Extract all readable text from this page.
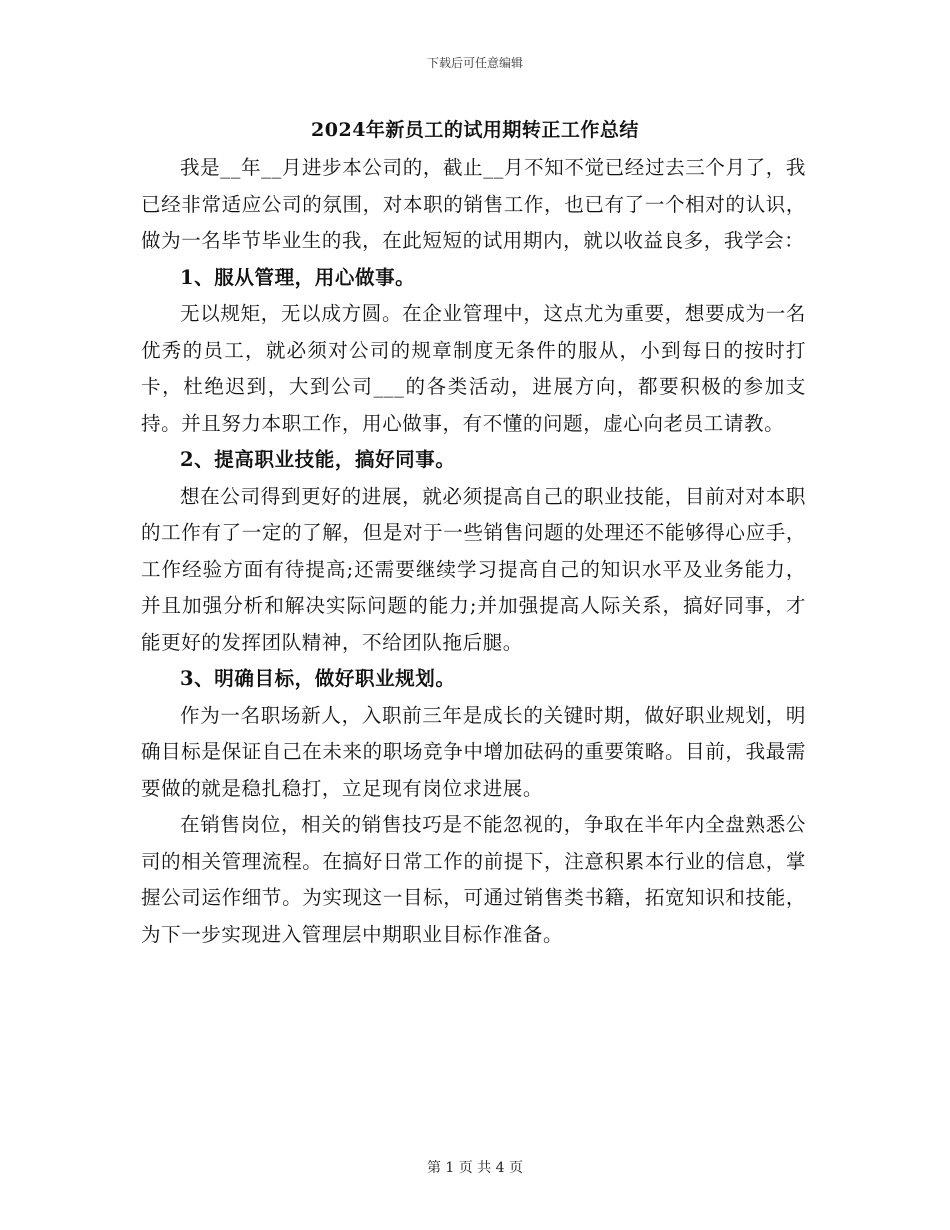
下载后可任意编辑
2024年新员工的试用期转正工作总结

我是__年__月进步本公司的，截止__月不知不觉已经过去三个月了，我已经非常适应公司的氛围，对本职的销售工作，也已有了一个相对的认识，做为一名毕节毕业生的我，在此短短的试用期内，就以收益良多，我学会：

1、服从管理，用心做事。

无以规矩，无以成方圆。在企业管理中，这点尤为重要，想要成为一名优秀的员工，就必须对公司的规章制度无条件的服从，小到每日的按时打卡，杜绝迟到，大到公司___的各类活动，进展方向，都要积极的参加支持。并且努力本职工作，用心做事，有不懂的问题，虚心向老员工请教。

2、提高职业技能，搞好同事。

想在公司得到更好的进展，就必须提高自己的职业技能，目前对对本职的工作有了一定的了解，但是对于一些销售问题的处理还不能够得心应手，工作经验方面有待提高;还需要继续学习提高自己的知识水平及业务能力，并且加强分析和解决实际问题的能力;并加强提高人际关系，搞好同事，才能更好的发挥团队精神，不给团队拖后腿。

3、明确目标，做好职业规划。

作为一名职场新人，入职前三年是成长的关键时期，做好职业规划，明确目标是保证自己在未来的职场竞争中增加砝码的重要策略。目前，我最需要做的就是稳扎稳打，立足现有岗位求进展。

在销售岗位，相关的销售技巧是不能忽视的，争取在半年内全盘熟悉公司的相关管理流程。在搞好日常工作的前提下，注意积累本行业的信息，掌握公司运作细节。为实现这一目标，可通过销售类书籍，拓宽知识和技能，为下一步实现进入管理层中期职业目标作准备。

第 1 页 共 4 页
